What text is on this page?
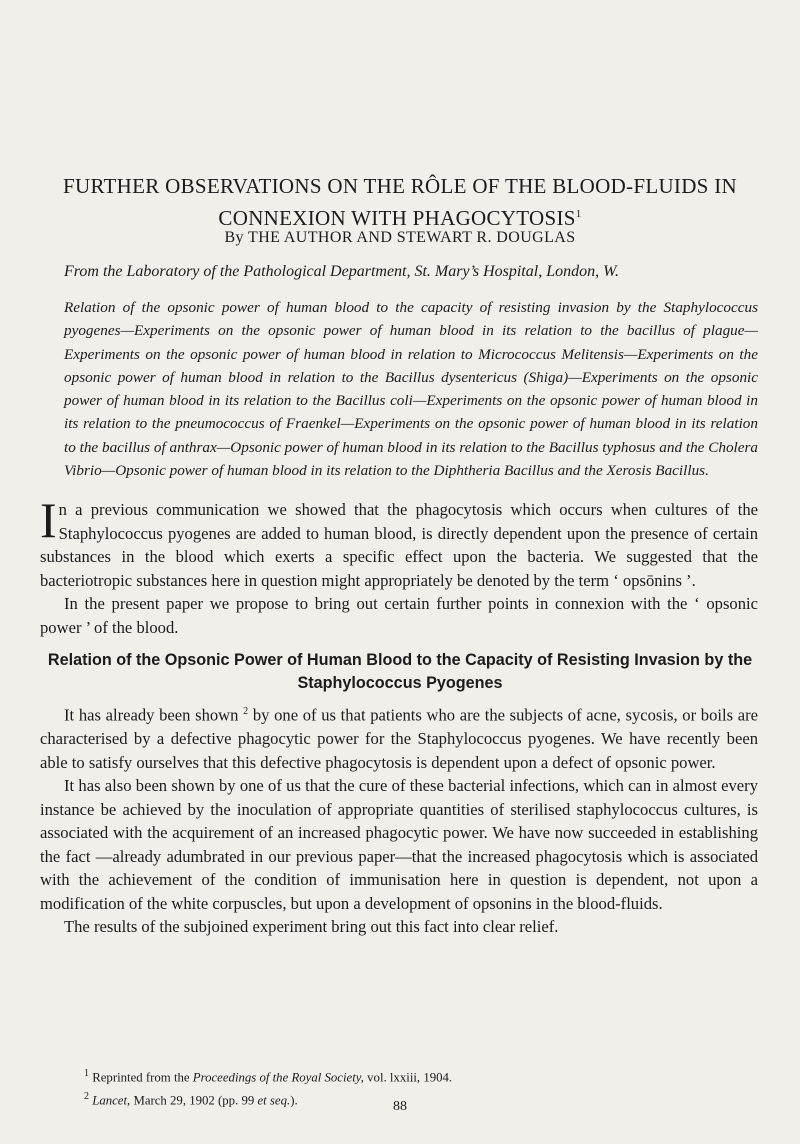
FURTHER OBSERVATIONS ON THE RÔLE OF THE BLOOD-FLUIDS IN CONNEXION WITH PHAGOCYTOSIS$^1$
By THE AUTHOR AND STEWART R. DOUGLAS
From the Laboratory of the Pathological Department, St. Mary’s Hospital, London, W.
Relation of the opsonic power of human blood to the capacity of resisting invasion by the Staphylococcus pyogenes—Experiments on the opsonic power of human blood in its relation to the bacillus of plague—Experiments on the opsonic power of human blood in relation to Micrococcus Melitensis—Experiments on the opsonic power of human blood in relation to the Bacillus dysentericus (Shiga)—Experiments on the opsonic power of human blood in its relation to the Bacillus coli—Experiments on the opsonic power of human blood in its relation to the pneumococcus of Fraenkel—Experiments on the opsonic power of human blood in its relation to the bacillus of anthrax—Opsonic power of human blood in its relation to the Bacillus typhosus and the Cholera Vibrio—Opsonic power of human blood in its relation to the Diphtheria Bacillus and the Xerosis Bacillus.

In a previous communication we showed that the phagocytosis which occurs when cultures of the Staphylococcus pyogenes are added to human blood, is directly dependent upon the presence of certain substances in the blood which exerts a specific effect upon the bacteria. We suggested that the bacteriotropic substances here in question might appropriately be denoted by the term ‘ opsōnins ’.

In the present paper we propose to bring out certain further points in connexion with the ‘ opsonic power ’ of the blood.

Relation of the Opsonic Power of Human Blood to the Capacity of Resisting Invasion by the Staphylococcus Pyogenes

It has already been shown $^2$ by one of us that patients who are the subjects of acne, sycosis, or boils are characterised by a defective phagocytic power for the Staphylococcus pyogenes. We have recently been able to satisfy ourselves that this defective phagocytosis is dependent upon a defect of opsonic power.

It has also been shown by one of us that the cure of these bacterial infections, which can in almost every instance be achieved by the inoculation of appropriate quantities of sterilised staphylococcus cultures, is associated with the acquirement of an increased phagocytic power. We have now succeeded in establishing the fact —already adumbrated in our previous paper—that the increased phagocytosis which is associated with the achievement of the condition of immunisation here in question is dependent, not upon a modification of the white corpuscles, but upon a development of opsonins in the blood-fluids.

The results of the subjoined experiment bring out this fact into clear relief.

$^1$ Reprinted from the Proceedings of the Royal Society, vol. lxxiii, 1904.

$^2$ Lancet, March 29, 1902 (pp. 99 et seq.).	88
